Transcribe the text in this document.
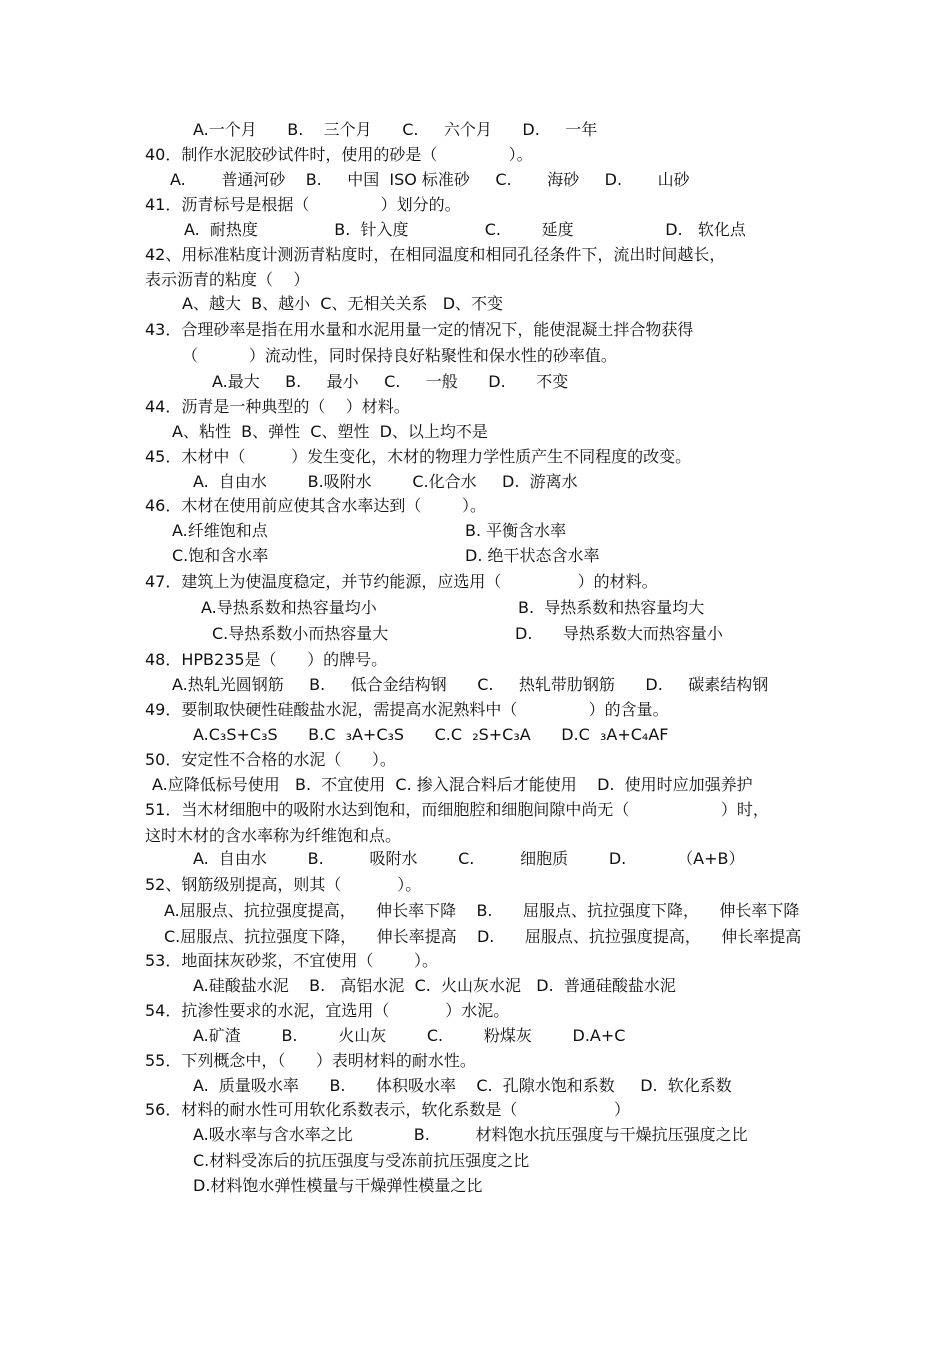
A.一个月      B.    三个月      C.     六个月      D.     一年
40．制作水泥胶砂试件时，使用的砂是（              ）。
A.       普通河砂    B.     中国  ISO 标准砂     C.       海砂     D.       山砂
41．沥青标号是根据（              ）划分的。
A.  耐热度               B.  针入度               C.        延度                  D.   软化点
42、用标准粘度计测沥青粘度时，在相同温度和相同孔径条件下，流出时间越长，
表示沥青的粘度（    ）
A、越大  B、越小  C、无相关关系   D、不变
43．合理砂率是指在用水量和水泥用量一定的情况下，能使混凝土拌合物获得
（          ）流动性，同时保持良好粘聚性和保水性的砂率值。
A.最大     B.     最小     C.     一般      D.      不变
44．沥青是一种典型的（    ）材料。
A、粘性  B、弹性  C、塑性  D、以上均不是
45．木材中（         ）发生变化，木材的物理力学性质产生不同程度的改变。
A.  自由水        B.吸附水        C.化合水     D.  游离水
46．木材在使用前应使其含水率达到（        ）。
A.纤维饱和点	B. 平衡含水率
C.饱和含水率	D. 绝干状态含水率
47．建筑上为使温度稳定，并节约能源，应选用（               ）的材料。
A.导热系数和热容量均小	B.  导热系数和热容量均大
C.导热系数小而热容量大	D.      导热系数大而热容量小
48．HPB235是（      ）的牌号。
A.热轧光圆钢筋     B.     低合金结构钢      C.     热轧带肋钢筋      D.     碳素结构钢
49．要制取快硬性硅酸盐水泥，需提高水泥熟料中（              ）的含量。
A.C₃S+C₃S      B.C  ₃A+C₃S      C.C  ₂S+C₃A      D.C  ₃A+C₄AF
50．安定性不合格的水泥（      ）。
A.应降低标号使用   B.  不宜使用  C. 掺入混合料后才能使用    D.  使用时应加强养护
51．当木材细胞中的吸附水达到饱和，而细胞腔和细胞间隙中尚无（                  ）时，
这时木材的含水率称为纤维饱和点。
A.  自由水        B.         吸附水        C.         细胞质        D.          （A+B）
52、钢筋级别提高，则其（           ）。
A.屈服点、抗拉强度提高，    伸长率下降    B.      屈服点、抗拉强度下降，    伸长率下降
C.屈服点、抗拉强度下降，    伸长率提高    D.      屈服点、抗拉强度提高，    伸长率提高
53．地面抹灰砂浆，不宜使用（        ）。
A.硅酸盐水泥    B.   高铝水泥  C.  火山灰水泥   D.  普通硅酸盐水泥
54．抗渗性要求的水泥，宜选用（           ）水泥。
A.矿渣        B.        火山灰        C.        粉煤灰        D.A+C
55．下列概念中，（      ）表明材料的耐水性。
A.  质量吸水率      B.      体积吸水率    C.  孔隙水饱和系数     D.  软化系数
56．材料的耐水性可用软化系数表示，软化系数是（                   ）
A.吸水率与含水率之比            B.         材料饱水抗压强度与干燥抗压强度之比
C.材料受冻后的抗压强度与受冻前抗压强度之比
D.材料饱水弹性模量与干燥弹性模量之比
